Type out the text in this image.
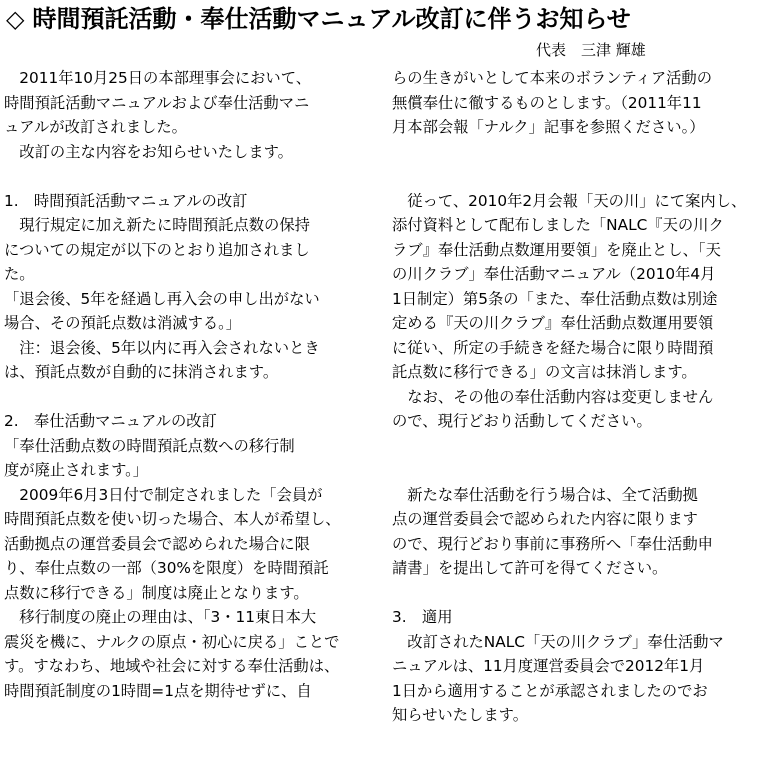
◇ 時間預託活動・奉仕活動マニュアル改訂に伴うお知らせ
代表　三津 輝雄
　2011年10月25日の本部理事会において、
時間預託活動マニュアルおよび奉仕活動マニ
ュアルが改訂されました。
　改訂の主な内容をお知らせいたします。
1.　時間預託活動マニュアルの改訂
　現行規定に加え新たに時間預託点数の保持
についての規定が以下のとおり追加されまし
た。
「退会後、5年を経過し再入会の申し出がない
場合、その預託点数は消滅する。」
　注：退会後、5年以内に再入会されないとき
は、預託点数が自動的に抹消されます。
2.　奉仕活動マニュアルの改訂
「奉仕活動点数の時間預託点数への移行制
度が廃止されます。」
　2009年6月3日付で制定されました「会員が
時間預託点数を使い切った場合、本人が希望し、
活動拠点の運営委員会で認められた場合に限
り、奉仕点数の一部（30%を限度）を時間預託
点数に移行できる」制度は廃止となります。
　移行制度の廃止の理由は、「3・11東日本大
震災を機に、ナルクの原点・初心に戻る」ことで
す。すなわち、地域や社会に対する奉仕活動は、
時間預託制度の1時間=1点を期待せずに、自
らの生きがいとして本来のボランティア活動の
無償奉仕に徹するものとします。（2011年11
月本部会報「ナルク」記事を参照ください。）
　従って、2010年2月会報「天の川」にて案内し、
添付資料として配布しました「NALC『天の川ク
ラブ』奉仕活動点数運用要領」を廃止とし、「天
の川クラブ」奉仕活動マニュアル（2010年4月
1日制定）第5条の「また、奉仕活動点数は別途
定める『天の川クラブ』奉仕活動点数運用要領
に従い、所定の手続きを経た場合に限り時間預
託点数に移行できる」の文言は抹消します。
　なお、その他の奉仕活動内容は変更しません
ので、現行どおり活動してください。
　新たな奉仕活動を行う場合は、全て活動拠
点の運営委員会で認められた内容に限ります
ので、現行どおり事前に事務所へ「奉仕活動申
請書」を提出して許可を得てください。
3.　適用
　改訂されたNALC「天の川クラブ」奉仕活動マ
ニュアルは、11月度運営委員会で2012年1月
1日から適用することが承認されましたのでお
知らせいたします。
